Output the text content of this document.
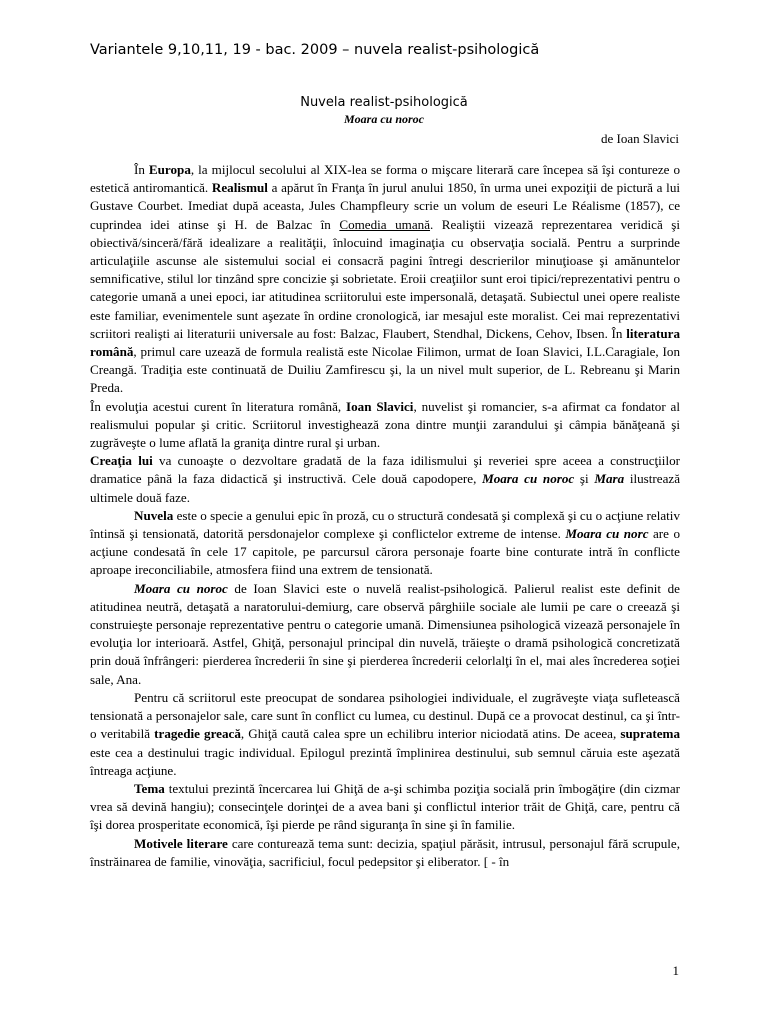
Variantele 9,10,11, 19 - bac. 2009 – nuvela realist-psihologică
Nuvela realist-psihologică
Moara cu noroc
de Ioan Slavici

În Europa, la mijlocul secolului al XIX-lea se forma o mişcare literară care începea să îşi contureze o estetică antiromantică. Realismul a apărut în Franţa în jurul anului 1850, în urma unei expoziţii de pictură a lui Gustave Courbet. Imediat după aceasta, Jules Champfleury scrie un volum de eseuri Le Réalisme (1857), ce cuprindea idei atinse şi H. de Balzac în Comedia umană. Realiştii vizează reprezentarea veridică şi obiectivă/sinceră/fără idealizare a realităţii, înlocuind imaginaţia cu observaţia socială. Pentru a surprinde articulaţiile ascunse ale sistemului social ei consacră pagini întregi descrierilor minuţioase şi amănuntelor semnificative, stilul lor tinzând spre concizie şi sobrietate. Eroii creaţiilor sunt eroi tipici/reprezentativi pentru o categorie umană a unei epoci, iar atitudinea scriitorului este impersonală, detaşată. Subiectul unei opere realiste este familiar, evenimentele sunt aşezate în ordine cronologică, iar mesajul este moralist. Cei mai reprezentativi scriitori realişti ai literaturii universale au fost: Balzac, Flaubert, Stendhal, Dickens, Cehov, Ibsen. În literatura română, primul care uzează de formula realistă este Nicolae Filimon, urmat de Ioan Slavici, I.L.Caragiale, Ion Creangă. Tradiţia este continuată de Duiliu Zamfirescu şi, la un nivel mult superior, de L. Rebreanu şi Marin Preda.

În evoluţia acestui curent în literatura română, Ioan Slavici, nuvelist şi romancier, s-a afirmat ca fondator al realismului popular şi critic. Scriitorul investighează zona dintre munţii zarandului şi câmpia bănăţeană şi zugrăveşte o lume aflată la graniţa dintre rural şi urban.

Creaţia lui va cunoaşte o dezvoltare gradată de la faza idilismului şi reveriei spre aceea a construcţiilor dramatice până la faza didactică şi instructivă. Cele două capodopere, Moara cu noroc şi Mara ilustrează ultimele două faze.

Nuvela este o specie a genului epic în proză, cu o structură condesată şi complexă şi cu o acţiune relativ întinsă şi tensionată, datorită persdonajelor complexe şi conflictelor extreme de intense. Moara cu norc are o acţiune condesată în cele 17 capitole, pe parcursul cărora personaje foarte bine conturate intră în conflicte aproape ireconciliabile, atmosfera fiind una extrem de tensionată.

Moara cu noroc de Ioan Slavici este o nuvelă realist-psihologică. Palierul realist este definit de atitudinea neutră, detaşată a naratorului-demiurg, care observă pârghiile sociale ale lumii pe care o creează şi construieşte personaje reprezentative pentru o categorie umană. Dimensiunea psihologică vizează personajele în evoluţia lor interioară. Astfel, Ghiţă, personajul principal din nuvelă, trăieşte o dramă psihologică concretizată prin două înfrângeri: pierderea încrederii în sine şi pierderea încrederii celorlalţi în el, mai ales încrederea soţiei sale, Ana.

Pentru că scriitorul este preocupat de sondarea psihologiei individuale, el zugrăveşte viaţa sufletească tensionată a personajelor sale, care sunt în conflict cu lumea, cu destinul. După ce a provocat destinul, ca şi într-o veritabilă tragedie greacă, Ghiţă caută calea spre un echilibru interior niciodată atins. De aceea, supratema este cea a destinului tragic individual. Epilogul prezintă împlinirea destinului, sub semnul căruia este aşezată întreaga acţiune.

Tema textului prezintă încercarea lui Ghiţă de a-şi schimba poziţia socială prin îmbogăţire (din cizmar vrea să devină hangiu); consecinţele dorinţei de a avea bani şi conflictul interior trăit de Ghiţă, care, pentru că îşi dorea prosperitate economică, îşi pierde pe rând siguranţa în sine şi în familie.

Motivele literare care conturează tema sunt: decizia, spaţiul părăsit, intrusul, personajul fără scrupule, înstrăinarea de familie, vinovăţia, sacrificiul, focul pedepsitor şi eliberator. [ - în

1
